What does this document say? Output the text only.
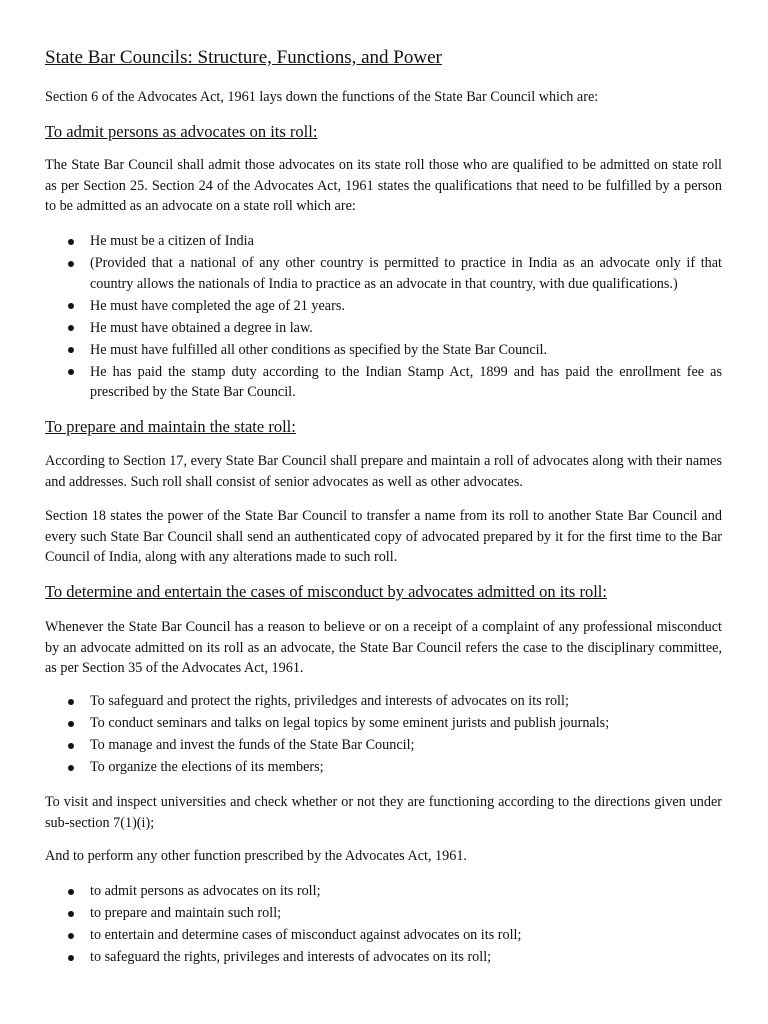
State Bar Councils: Structure, Functions, and Power

Section 6 of the Advocates Act, 1961 lays down the functions of the State Bar Council which are:

To admit persons as advocates on its roll:

The State Bar Council shall admit those advocates on its state roll those who are qualified to be admitted on state roll as per Section 25. Section 24 of the Advocates Act, 1961 states the qualifications that need to be fulfilled by a person to be admitted as an advocate on a state roll which are:

He must be a citizen of India
(Provided that a national of any other country is permitted to practice in India as an advocate only if that country allows the nationals of India to practice as an advocate in that country, with due qualifications.)
He must have completed the age of 21 years.
He must have obtained a degree in law.
He must have fulfilled all other conditions as specified by the State Bar Council.
He has paid the stamp duty according to the Indian Stamp Act, 1899 and has paid the enrollment fee as prescribed by the State Bar Council.
To prepare and maintain the state roll:

According to Section 17, every State Bar Council shall prepare and maintain a roll of advocates along with their names and addresses. Such roll shall consist of senior advocates as well as other advocates.

Section 18 states the power of the State Bar Council to transfer a name from its roll to another State Bar Council and every such State Bar Council shall send an authenticated copy of advocated prepared by it for the first time to the Bar Council of India, along with any alterations made to such roll.

To determine and entertain the cases of misconduct by advocates admitted on its roll:

Whenever the State Bar Council has a reason to believe or on a receipt of a complaint of any professional misconduct by an advocate admitted on its roll as an advocate, the State Bar Council refers the case to the disciplinary committee, as per Section 35 of the Advocates Act, 1961.

To safeguard and protect the rights, priviledges and interests of advocates on its roll;
To conduct seminars and talks on legal topics by some eminent jurists and publish journals;
To manage and invest the funds of the State Bar Council;
To organize the elections of its members;

To visit and inspect universities and check whether or not they are functioning according to the directions given under sub-section 7(1)(i);

And to perform any other function prescribed by the Advocates Act, 1961.

to admit persons as advocates on its roll;
to prepare and maintain such roll;
to entertain and determine cases of misconduct against advocates on its roll;
to safeguard the rights, privileges and interests of advocates on its roll;
